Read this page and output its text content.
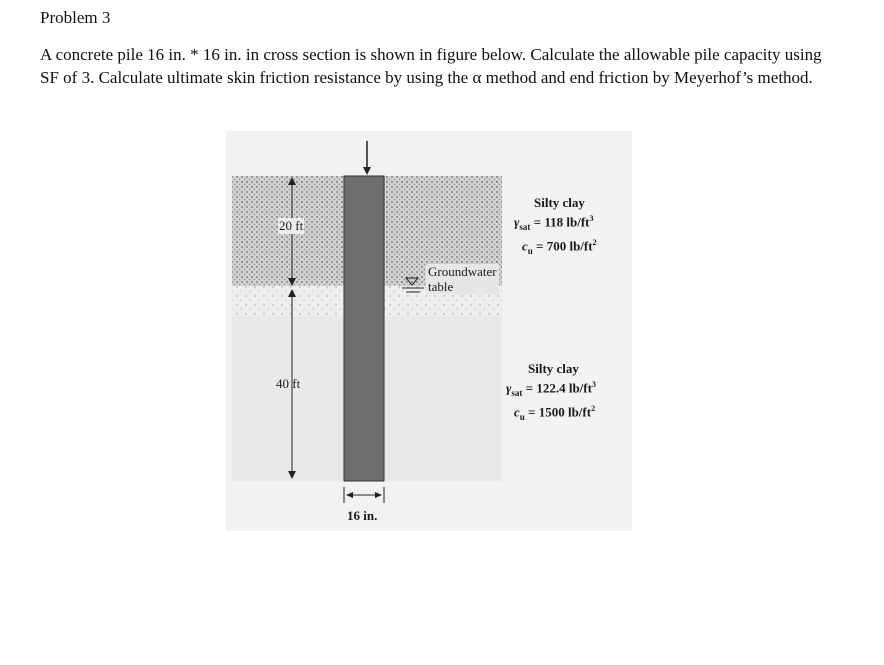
Problem 3
A concrete pile 16 in. * 16 in. in cross section is shown in figure below. Calculate the allowable pile capacity using SF of 3. Calculate ultimate skin friction resistance by using the α method and end friction by Meyerhof’s method.
20 ft
40 ft
16 in.
Groundwater
table
Silty clay
$\gamma_{sat} = 118$ $lb/ft^3$
$c_u = 700$ $lb/ft^2$
Silty clay
$\gamma_{sat} = 122.4$ $lb/ft^3$
$c_u = 1500$ $lb/ft^2$
